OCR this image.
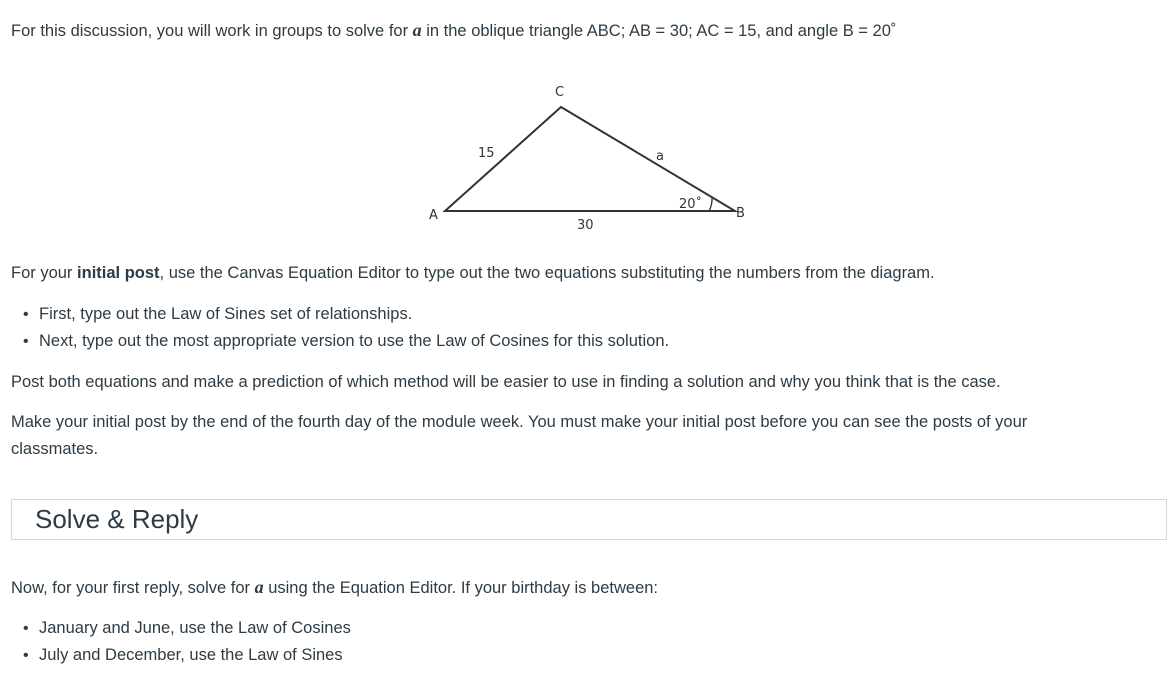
For this discussion, you will work in groups to solve for a in the oblique triangle ABC; AB = 30; AC = 15, and angle B = 20˚

A	B
C
15
30
a
20˚

For your initial post, use the Canvas Equation Editor to type out the two equations substituting the numbers from the diagram.

• First, type out the Law of Sines set of relationships.
• Next, type out the most appropriate version to use the Law of Cosines for this solution.

Post both equations and make a prediction of which method will be easier to use in finding a solution and why you think that is the case.

Make your initial post by the end of the fourth day of the module week. You must make your initial post before you can see the posts of your

classmates.

Solve & Reply

Now, for your first reply, solve for a using the Equation Editor. If your birthday is between:

• January and June, use the Law of Cosines
• July and December, use the Law of Sines
